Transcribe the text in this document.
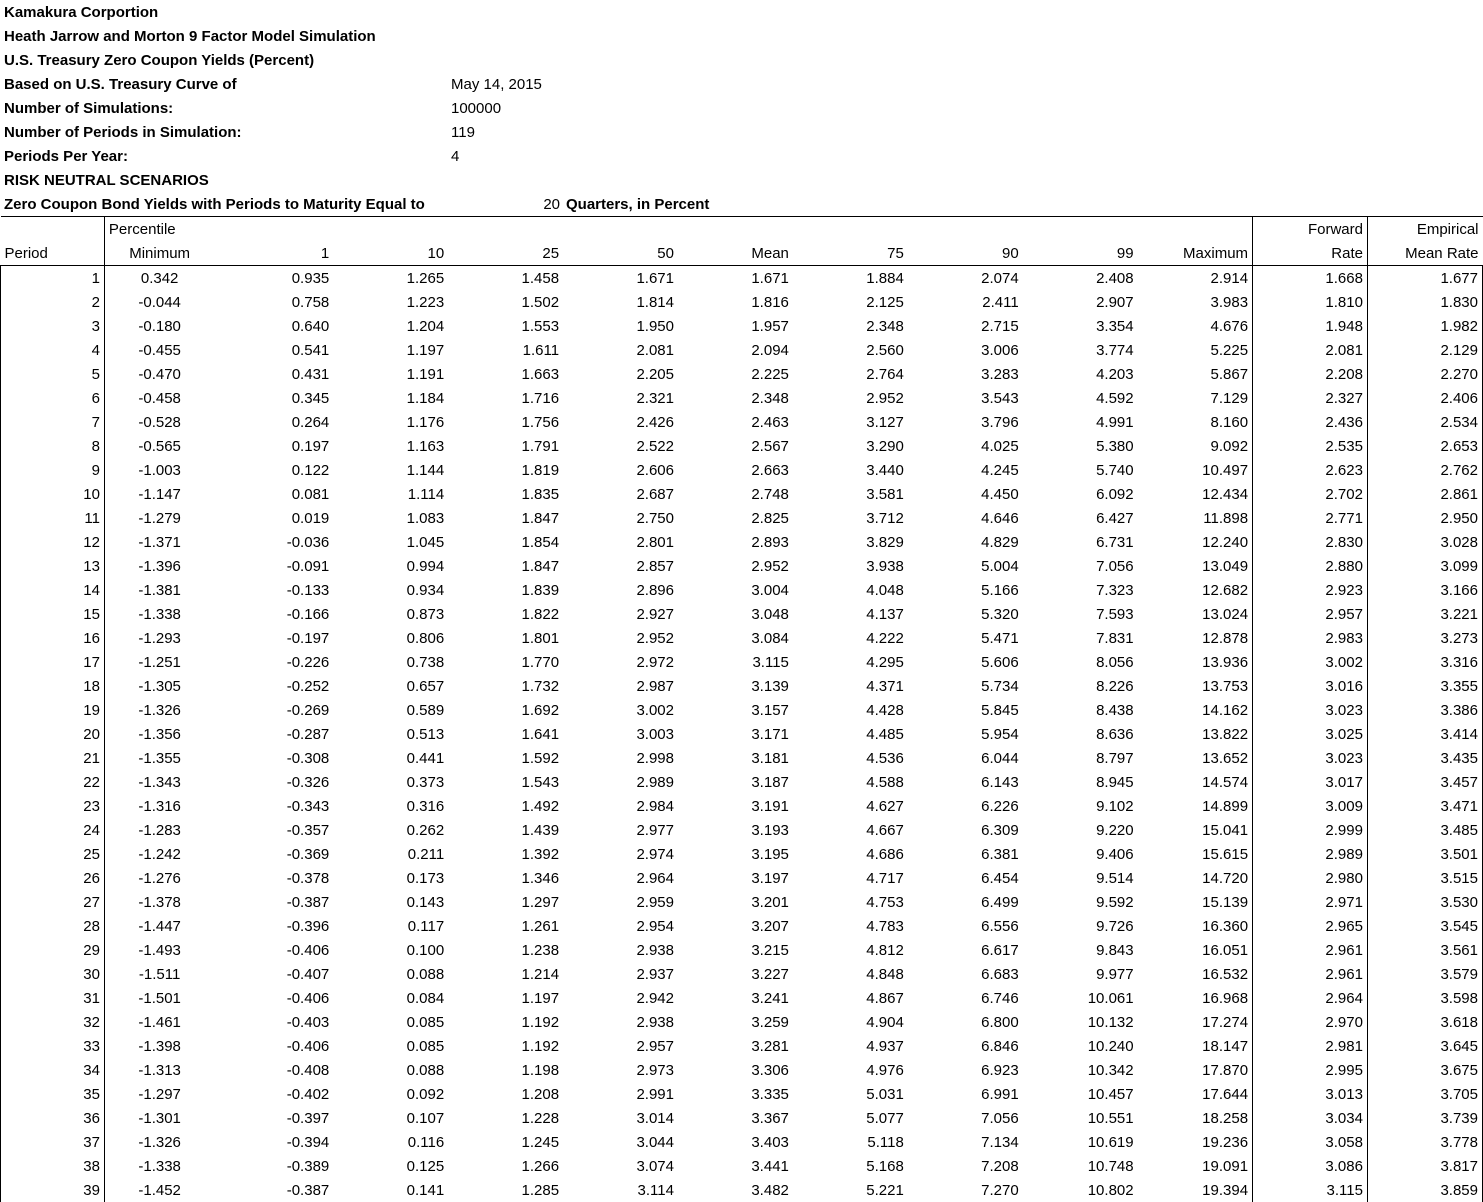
Kamakura Corportion
Heath Jarrow and Morton 9 Factor Model Simulation
U.S. Treasury Zero Coupon Yields (Percent)
Based on U.S. Treasury Curve of	May 14, 2015
Number of Simulations:	100000
Number of Periods in Simulation:	119
Periods Per Year:	4
RISK NEUTRAL SCENARIOS
Zero Coupon Bond Yields with Periods to Maturity Equal to	20 Quarters, in Percent
	Percentile										Forward	Empirical
Period	Minimum	1	10	25	50	Mean	75	90	99	Maximum	Rate	Mean Rate
1	0.342	0.935	1.265	1.458	1.671	1.671	1.884	2.074	2.408	2.914	1.668	1.677
2	-0.044	0.758	1.223	1.502	1.814	1.816	2.125	2.411	2.907	3.983	1.810	1.830
3	-0.180	0.640	1.204	1.553	1.950	1.957	2.348	2.715	3.354	4.676	1.948	1.982
4	-0.455	0.541	1.197	1.611	2.081	2.094	2.560	3.006	3.774	5.225	2.081	2.129
5	-0.470	0.431	1.191	1.663	2.205	2.225	2.764	3.283	4.203	5.867	2.208	2.270
6	-0.458	0.345	1.184	1.716	2.321	2.348	2.952	3.543	4.592	7.129	2.327	2.406
7	-0.528	0.264	1.176	1.756	2.426	2.463	3.127	3.796	4.991	8.160	2.436	2.534
8	-0.565	0.197	1.163	1.791	2.522	2.567	3.290	4.025	5.380	9.092	2.535	2.653
9	-1.003	0.122	1.144	1.819	2.606	2.663	3.440	4.245	5.740	10.497	2.623	2.762
10	-1.147	0.081	1.114	1.835	2.687	2.748	3.581	4.450	6.092	12.434	2.702	2.861
11	-1.279	0.019	1.083	1.847	2.750	2.825	3.712	4.646	6.427	11.898	2.771	2.950
12	-1.371	-0.036	1.045	1.854	2.801	2.893	3.829	4.829	6.731	12.240	2.830	3.028
13	-1.396	-0.091	0.994	1.847	2.857	2.952	3.938	5.004	7.056	13.049	2.880	3.099
14	-1.381	-0.133	0.934	1.839	2.896	3.004	4.048	5.166	7.323	12.682	2.923	3.166
15	-1.338	-0.166	0.873	1.822	2.927	3.048	4.137	5.320	7.593	13.024	2.957	3.221
16	-1.293	-0.197	0.806	1.801	2.952	3.084	4.222	5.471	7.831	12.878	2.983	3.273
17	-1.251	-0.226	0.738	1.770	2.972	3.115	4.295	5.606	8.056	13.936	3.002	3.316
18	-1.305	-0.252	0.657	1.732	2.987	3.139	4.371	5.734	8.226	13.753	3.016	3.355
19	-1.326	-0.269	0.589	1.692	3.002	3.157	4.428	5.845	8.438	14.162	3.023	3.386
20	-1.356	-0.287	0.513	1.641	3.003	3.171	4.485	5.954	8.636	13.822	3.025	3.414
21	-1.355	-0.308	0.441	1.592	2.998	3.181	4.536	6.044	8.797	13.652	3.023	3.435
22	-1.343	-0.326	0.373	1.543	2.989	3.187	4.588	6.143	8.945	14.574	3.017	3.457
23	-1.316	-0.343	0.316	1.492	2.984	3.191	4.627	6.226	9.102	14.899	3.009	3.471
24	-1.283	-0.357	0.262	1.439	2.977	3.193	4.667	6.309	9.220	15.041	2.999	3.485
25	-1.242	-0.369	0.211	1.392	2.974	3.195	4.686	6.381	9.406	15.615	2.989	3.501
26	-1.276	-0.378	0.173	1.346	2.964	3.197	4.717	6.454	9.514	14.720	2.980	3.515
27	-1.378	-0.387	0.143	1.297	2.959	3.201	4.753	6.499	9.592	15.139	2.971	3.530
28	-1.447	-0.396	0.117	1.261	2.954	3.207	4.783	6.556	9.726	16.360	2.965	3.545
29	-1.493	-0.406	0.100	1.238	2.938	3.215	4.812	6.617	9.843	16.051	2.961	3.561
30	-1.511	-0.407	0.088	1.214	2.937	3.227	4.848	6.683	9.977	16.532	2.961	3.579
31	-1.501	-0.406	0.084	1.197	2.942	3.241	4.867	6.746	10.061	16.968	2.964	3.598
32	-1.461	-0.403	0.085	1.192	2.938	3.259	4.904	6.800	10.132	17.274	2.970	3.618
33	-1.398	-0.406	0.085	1.192	2.957	3.281	4.937	6.846	10.240	18.147	2.981	3.645
34	-1.313	-0.408	0.088	1.198	2.973	3.306	4.976	6.923	10.342	17.870	2.995	3.675
35	-1.297	-0.402	0.092	1.208	2.991	3.335	5.031	6.991	10.457	17.644	3.013	3.705
36	-1.301	-0.397	0.107	1.228	3.014	3.367	5.077	7.056	10.551	18.258	3.034	3.739
37	-1.326	-0.394	0.116	1.245	3.044	3.403	5.118	7.134	10.619	19.236	3.058	3.778
38	-1.338	-0.389	0.125	1.266	3.074	3.441	5.168	7.208	10.748	19.091	3.086	3.817
39	-1.452	-0.387	0.141	1.285	3.114	3.482	5.221	7.270	10.802	19.394	3.115	3.859
